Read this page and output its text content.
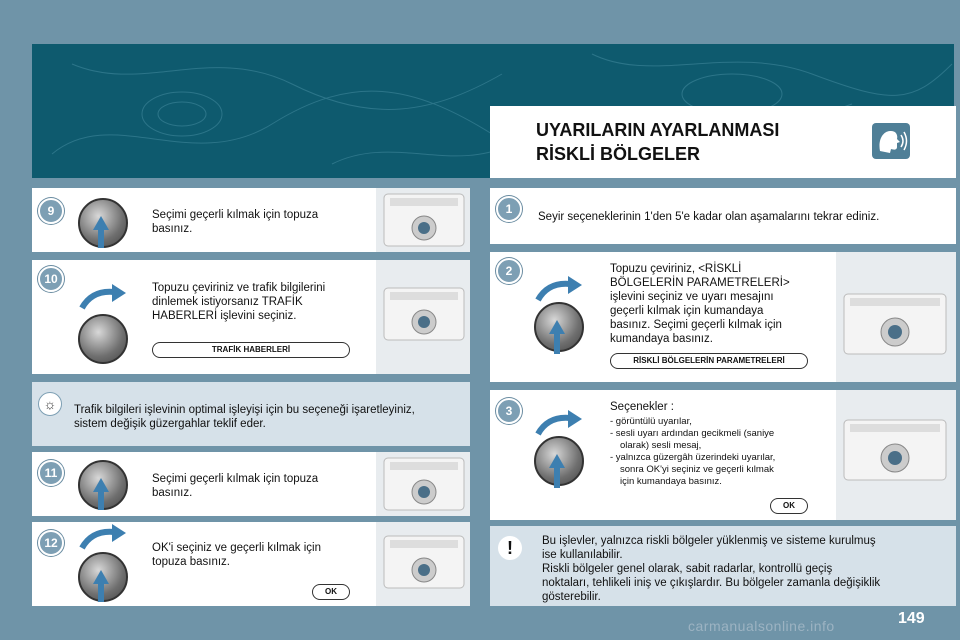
UYARILARIN AYARLANMASI
RİSKLİ BÖLGELER
9	Seçimi geçerli kılmak için topuza
basınız.
10
Topuzu çeviriniz ve trafik bilgilerini
dinlemek istiyorsanız TRAFİK
HABERLERİ işlevini seçiniz.
TRAFİK HABERLERİ
☼	Trafik bilgileri işlevinin optimal işleyişi için bu seçeneği işaretleyiniz,
sistem değişik güzergahlar teklif eder.
11	Seçimi geçerli kılmak için topuza
basınız.
12	OK'i seçiniz ve geçerli kılmak için
topuza basınız.
OK
1
Seyir seçeneklerinin 1'den 5'e kadar olan aşamalarını tekrar ediniz.
2	Topuzu çeviriniz, <RİSKLİ
BÖLGELERİN PARAMETRELERİ>
işlevini seçiniz ve uyarı mesajını
geçerli kılmak için kumandaya
basınız. Seçimi geçerli kılmak için
kumandaya basınız.
RİSKLİ BÖLGELERİN PARAMETRELERİ
3	Seçenekler :
- görüntülü uyarılar,
- sesli uyarı ardından gecikmeli (saniye
olarak) sesli mesaj,
- yalnızca güzergâh üzerindeki uyarılar,
sonra OK'yi seçiniz ve geçerli kılmak
için kumandaya basınız.
OK
!	Bu işlevler, yalnızca riskli bölgeler yüklenmiş ve sisteme kurulmuş
ise kullanılabilir.
Riskli bölgeler genel olarak, sabit radarlar, kontrollü geçiş
noktaları, tehlikeli iniş ve çıkışlardır. Bu bölgeler zamanla değişiklik
gösterebilir.
149
carmanualsonline.info
